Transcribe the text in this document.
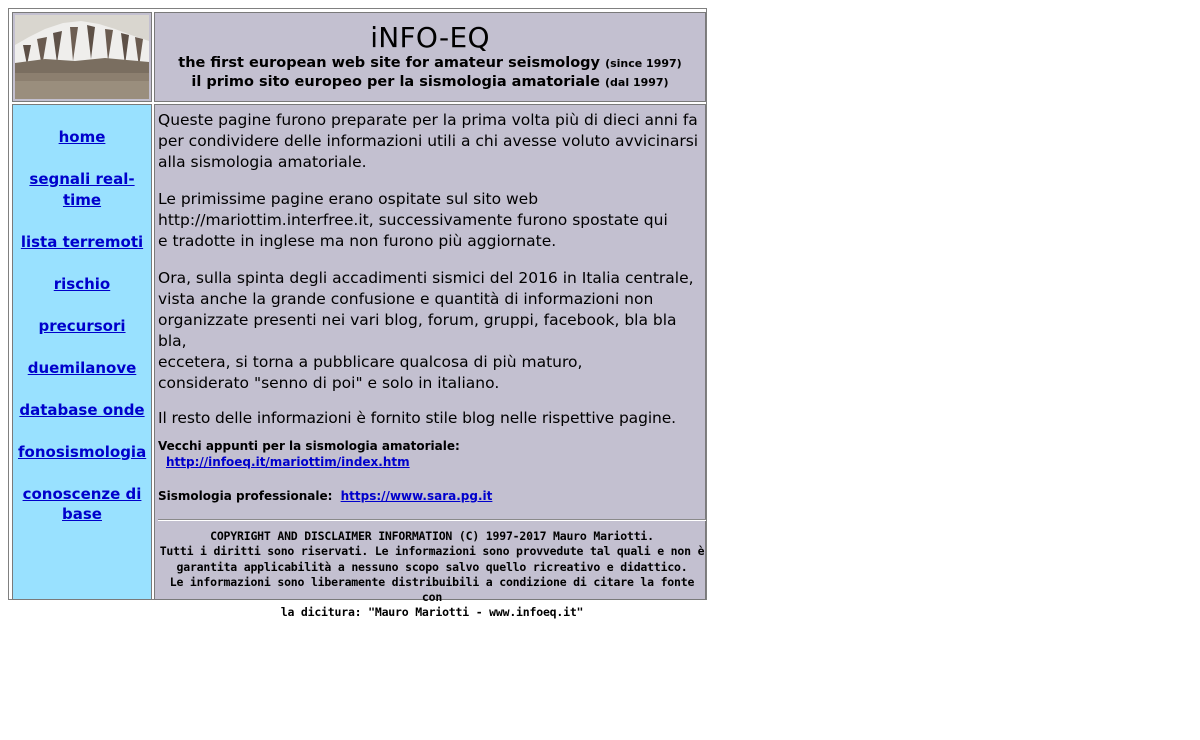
iNFO-EQ
the first european web site for amateur seismology (since 1997)
il primo sito europeo per la sismologia amatoriale (dal 1997)
home
segnali real-time
lista terremoti
rischio
precursori
duemilanove
database onde
fonosismologia
conoscenze di base

Queste pagine furono preparate per la prima volta più di dieci anni fa
per condividere delle informazioni utili a chi avesse voluto avvicinarsi
alla sismologia amatoriale.

Le primissime pagine erano ospitate sul sito web
http://mariottim.interfree.it, successivamente furono spostate qui
e tradotte in inglese ma non furono più aggiornate.

Ora, sulla spinta degli accadimenti sismici del 2016 in Italia centrale,
vista anche la grande confusione e quantità di informazioni non
organizzate presenti nei vari blog, forum, gruppi, facebook, bla bla bla,
eccetera, si torna a pubblicare qualcosa di più maturo,
considerato "senno di poi" e solo in italiano.

Il resto delle informazioni è fornito stile blog nelle rispettive pagine.

Vecchi appunti per la sismologia amatoriale:
http://infoeq.it/mariottim/index.htm
Sismologia professionale: https://www.sara.pg.it
COPYRIGHT AND DISCLAIMER INFORMATION (C) 1997-2017 Mauro Mariotti.
Tutti i diritti sono riservati. Le informazioni sono provvedute tal quali e non è
garantita applicabilità a nessuno scopo salvo quello ricreativo e didattico.
Le informazioni sono liberamente distribuibili a condizione di citare la fonte con
la dicitura: "Mauro Mariotti - www.infoeq.it"
